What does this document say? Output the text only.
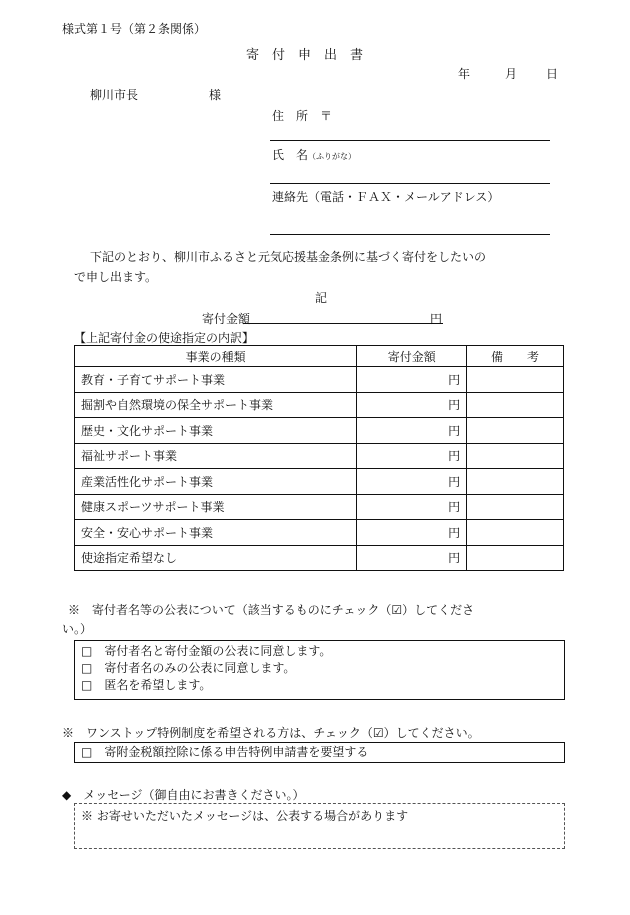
様式第１号（第２条関係）
寄　付　申　出　書
年	月 日
柳川市長	様
住　所　〒
氏　名（ふりがな）
連絡先（電話・ＦＡＸ・メールアドレス）
下記のとおり、柳川市ふるさと元気応援基金条例に基づく寄付をしたいの
で申し出ます。
記
寄付金額	円
【上記寄付金の使途指定の内訳】
事業の種類	寄付金額	備　　考
教育・子育てサポート事業	円	
掘割や自然環境の保全サポート事業	円	
歴史・文化サポート事業	円	
福祉サポート事業	円	
産業活性化サポート事業	円	
健康スポーツサポート事業	円	
安全・安心サポート事業	円	
使途指定希望なし	円	
※　寄付者名等の公表について（該当するものにチェック（☑）してくださ
い。）
□　寄付者名と寄付金額の公表に同意します。
□　寄付者名のみの公表に同意します。
□　匿名を希望します。
※　ワンストップ特例制度を希望される方は、チェック（☑）してください。
□　寄附金税額控除に係る申告特例申請書を要望する
◆　メッセージ（御自由にお書きください。）
※ お寄せいただいたメッセージは、公表する場合があります
